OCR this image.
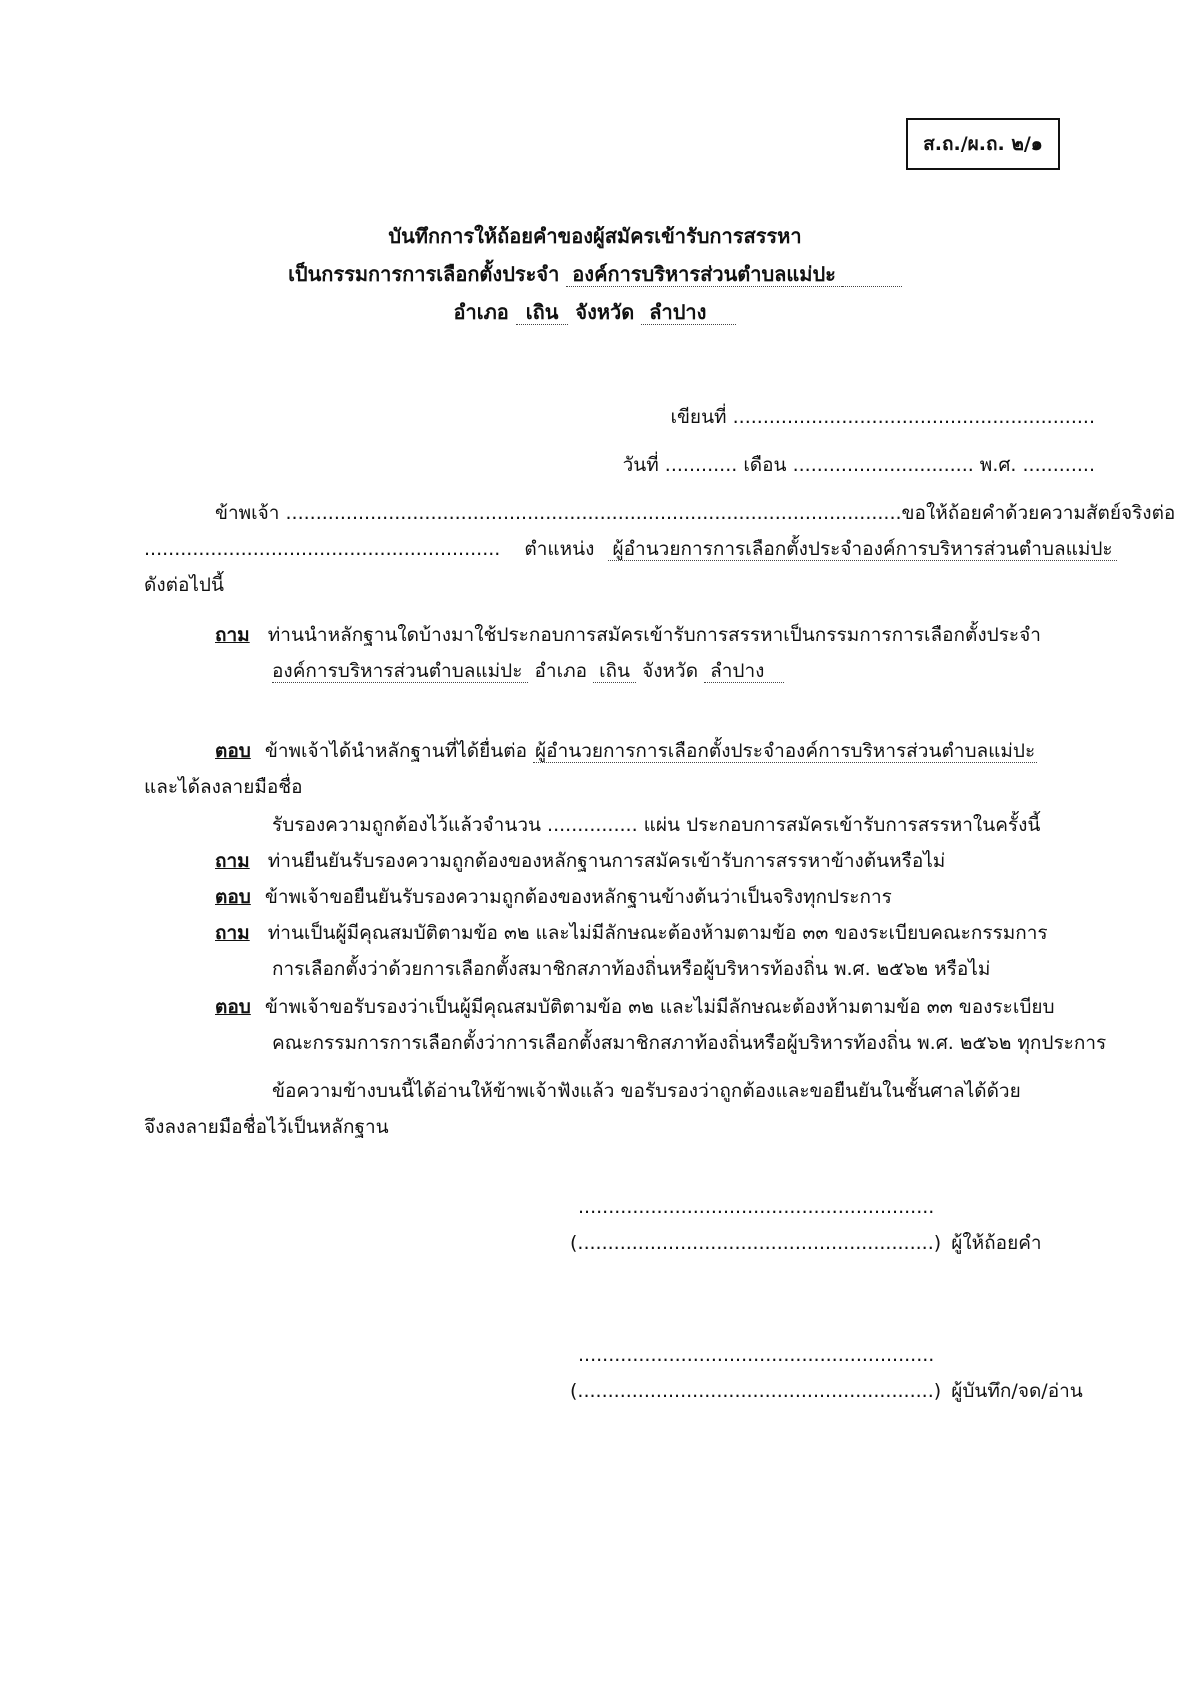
ส.ถ./ผ.ถ. ๒/๑
บันทึกการให้ถ้อยคำของผู้สมัครเข้ารับการสรรหา
เป็นกรรมการการเลือกตั้งประจำ องค์การบริหารส่วนตำบลแม่ปะ
อำเภอ เถิน จังหวัด ลำปาง
เขียนที่ ............................................................
วันที่ ............ เดือน .............................. พ.ศ. ............
ข้าพเจ้า ......................................................................................................ขอให้ถ้อยคำด้วยความสัตย์จริงต่อ
........................................................... ตำแหน่ง ผู้อำนวยการการเลือกตั้งประจำองค์การบริหารส่วนตำบลแม่ปะ
ดังต่อไปนี้
ถาม ท่านนำหลักฐานใดบ้างมาใช้ประกอบการสมัครเข้ารับการสรรหาเป็นกรรมการการเลือกตั้งประจำ
องค์การบริหารส่วนตำบลแม่ปะ อำเภอ เถิน จังหวัด ลำปาง
ตอบ ข้าพเจ้าได้นำหลักฐานที่ได้ยื่นต่อ ผู้อำนวยการการเลือกตั้งประจำองค์การบริหารส่วนตำบลแม่ปะ
และได้ลงลายมือชื่อ
รับรองความถูกต้องไว้แล้วจำนวน ............... แผ่น ประกอบการสมัครเข้ารับการสรรหาในครั้งนี้
ถาม ท่านยืนยันรับรองความถูกต้องของหลักฐานการสมัครเข้ารับการสรรหาข้างต้นหรือไม่
ตอบ ข้าพเจ้าขอยืนยันรับรองความถูกต้องของหลักฐานข้างต้นว่าเป็นจริงทุกประการ
ถาม ท่านเป็นผู้มีคุณสมบัติตามข้อ ๓๒ และไม่มีลักษณะต้องห้ามตามข้อ ๓๓ ของระเบียบคณะกรรมการ
การเลือกตั้งว่าด้วยการเลือกตั้งสมาชิกสภาท้องถิ่นหรือผู้บริหารท้องถิ่น พ.ศ. ๒๕๖๒ หรือไม่
ตอบ ข้าพเจ้าขอรับรองว่าเป็นผู้มีคุณสมบัติตามข้อ ๓๒ และไม่มีลักษณะต้องห้ามตามข้อ ๓๓ ของระเบียบ
คณะกรรมการการเลือกตั้งว่าการเลือกตั้งสมาชิกสภาท้องถิ่นหรือผู้บริหารท้องถิ่น พ.ศ. ๒๕๖๒ ทุกประการ
ข้อความข้างบนนี้ได้อ่านให้ข้าพเจ้าฟังแล้ว ขอรับรองว่าถูกต้องและขอยืนยันในชั้นศาลได้ด้วย
จึงลงลายมือชื่อไว้เป็นหลักฐาน
...........................................................
(...........................................................) ผู้ให้ถ้อยคำ
...........................................................
(...........................................................) ผู้บันทึก/จด/อ่าน
